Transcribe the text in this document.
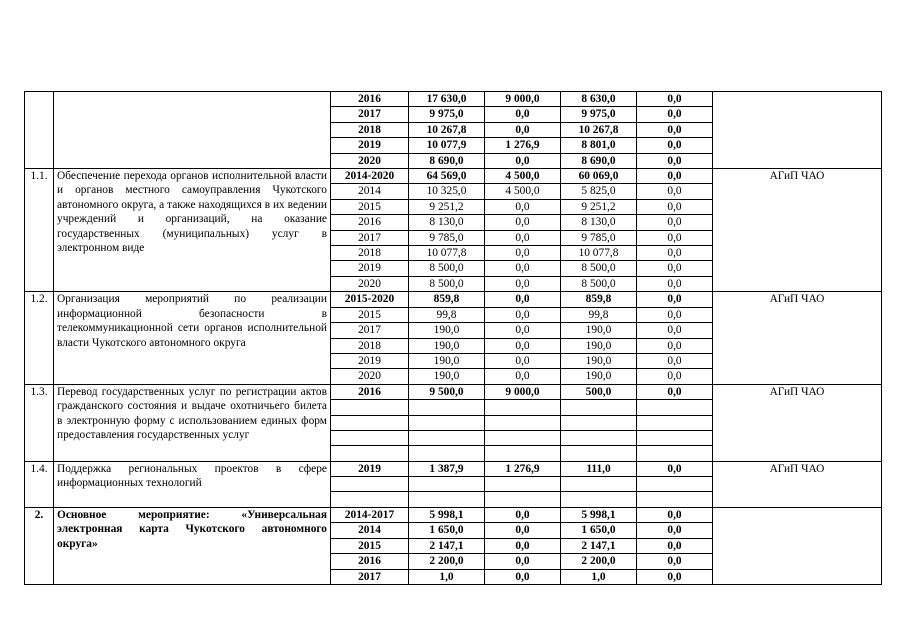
		2016	17 630,0	9 000,0	8 630,0	0,0	
		2017	9 975,0	0,0	9 975,0	0,0	
		2018	10 267,8	0,0	10 267,8	0,0	
		2019	10 077,9	1 276,9	8 801,0	0,0	
		2020	8 690,0	0,0	8 690,0	0,0	
1.1.	Обеспечение перехода органов исполнительной власти и органов местного самоуправления Чукотского автономного округа, а также находящихся в их ведении учреждений и организаций, на оказание государственных (муниципальных) услуг в электронном виде	2014-2020	64 569,0	4 500,0	60 069,0	0,0	АГиП ЧАО
		2014	10 325,0	4 500,0	5 825,0	0,0	
		2015	9 251,2	0,0	9 251,2	0,0	
		2016	8 130,0	0,0	8 130,0	0,0	
		2017	9 785,0	0,0	9 785,0	0,0	
		2018	10 077,8	0,0	10 077,8	0,0	
		2019	8 500,0	0,0	8 500,0	0,0	
		2020	8 500,0	0,0	8 500,0	0,0	
1.2.	Организация мероприятий по реализации информационной безопасности в телекоммуникационной сети органов исполнительной власти Чукотского автономного округа	2015-2020	859,8	0,0	859,8	0,0	АГиП ЧАО
		2015	99,8	0,0	99,8	0,0	
		2017	190,0	0,0	190,0	0,0	
		2018	190,0	0,0	190,0	0,0	
		2019	190,0	0,0	190,0	0,0	
		2020	190,0	0,0	190,0	0,0	
1.3.	Перевод государственных услуг по регистрации актов гражданского состояния и выдаче охотничьего билета в электронную форму с использованием единых форм предоставления государственных услуг	2016	9 500,0	9 000,0	500,0	0,0	АГиП ЧАО

1.4.	Поддержка региональных проектов в сфере информационных технологий	2019	1 387,9	1 276,9	111,0	0,0	АГиП ЧАО

2.	Основное мероприятие: «Универсальная электронная карта Чукотского автономного округа»	2014-2017	5 998,1	0,0	5 998,1	0,0	
		2014	1 650,0	0,0	1 650,0	0,0	
		2015	2 147,1	0,0	2 147,1	0,0	
		2016	2 200,0	0,0	2 200,0	0,0	
		2017	1,0	0,0	1,0	0,0	
